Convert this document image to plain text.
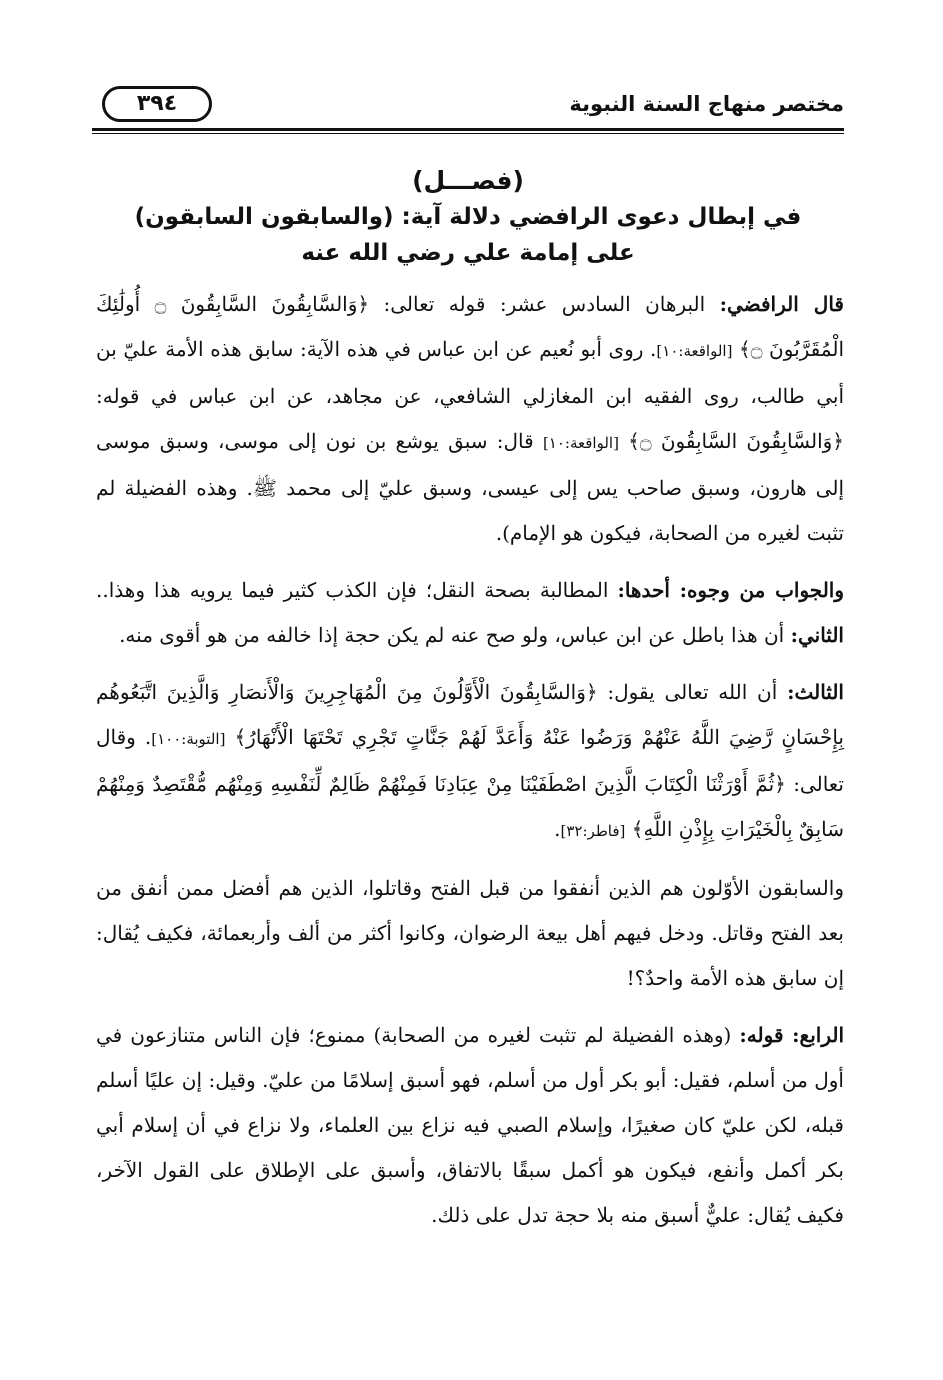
٣٩٤	مختصر منهاج السنة النبوية
(فصـــل)
في إبطال دعوى الرافضي دلالة آية: (والسابقون السابقون)
على إمامة علي رضي الله عنه

قال الرافضي: البرهان السادس عشر: قوله تعالى: ﴿وَالسَّابِقُونَ السَّابِقُونَ ۝ أُولَٰئِكَ الْمُقَرَّبُونَ ۝﴾ [الواقعة:١٠]. روى أبو نُعيم عن ابن عباس في هذه الآية: سابق هذه الأمة عليّ بن أبي طالب، روى الفقيه ابن المغازلي الشافعي، عن مجاهد، عن ابن عباس في قوله: ﴿وَالسَّابِقُونَ السَّابِقُونَ ۝﴾ [الواقعة:١٠] قال: سبق يوشع بن نون إلى موسى، وسبق موسى إلى هارون، وسبق صاحب يس إلى عيسى، وسبق عليّ إلى محمد ﷺ. وهذه الفضيلة لم تثبت لغيره من الصحابة، فيكون هو الإمام).

والجواب من وجوه: أحدها: المطالبة بصحة النقل؛ فإن الكذب كثير فيما يرويه هذا وهذا.. الثاني: أن هذا باطل عن ابن عباس، ولو صح عنه لم يكن حجة إذا خالفه من هو أقوى منه.

الثالث: أن الله تعالى يقول: ﴿وَالسَّابِقُونَ الْأَوَّلُونَ مِنَ الْمُهَاجِرِينَ وَالْأَنصَارِ وَالَّذِينَ اتَّبَعُوهُم بِإِحْسَانٍ رَّضِيَ اللَّهُ عَنْهُمْ وَرَضُوا عَنْهُ وَأَعَدَّ لَهُمْ جَنَّاتٍ تَجْرِي تَحْتَهَا الْأَنْهَارُ﴾ [التوبة:١٠٠]. وقال تعالى: ﴿ثُمَّ أَوْرَثْنَا الْكِتَابَ الَّذِينَ اصْطَفَيْنَا مِنْ عِبَادِنَا فَمِنْهُمْ ظَالِمٌ لِّنَفْسِهِ وَمِنْهُم مُّقْتَصِدٌ وَمِنْهُمْ سَابِقٌ بِالْخَيْرَاتِ بِإِذْنِ اللَّهِ﴾ [فاطر:٣٢].

والسابقون الأوّلون هم الذين أنفقوا من قبل الفتح وقاتلوا، الذين هم أفضل ممن أنفق من بعد الفتح وقاتل. ودخل فيهم أهل بيعة الرضوان، وكانوا أكثر من ألف وأربعمائة، فكيف يُقال: إن سابق هذه الأمة واحدٌ؟!

الرابع: قوله: (وهذه الفضيلة لم تثبت لغيره من الصحابة) ممنوع؛ فإن الناس متنازعون في أول من أسلم، فقيل: أبو بكر أول من أسلم، فهو أسبق إسلامًا من عليّ. وقيل: إن عليًا أسلم قبله، لكن عليّ كان صغيرًا، وإسلام الصبي فيه نزاع بين العلماء، ولا نزاع في أن إسلام أبي بكر أكمل وأنفع، فيكون هو أكمل سبقًا بالاتفاق، وأسبق على الإطلاق على القول الآخر، فكيف يُقال: عليٌّ أسبق منه بلا حجة تدل على ذلك.
